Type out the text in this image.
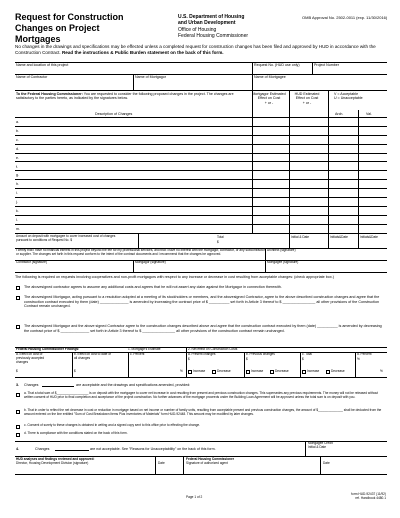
Request for Construction Changes on Project Mortgages
U.S. Department of Housing
and Urban Development
Office of Housing
Federal Housing Commissioner
OMB Approval No. 2502-0011 (exp. 11/30/2016)
No changes in the drawings and specifications may be effected unless a completed request for construction changes has been filed and approved by HUD in accordance with the Construction Contract. Read the instructions & Public Burden statement on the back of this form.
Name and location of this project	Request No. (HUD use only)	Project Number
Name of Contractor	Name of Mortgagor	Name of Mortgagee
To the Federal Housing Commissioner: You are requested to consider the following proposed changes in the project. The changes are satisfactory to the parties hereto, as indicated by the signatures below.
Mortgagor Estimated Effect on Cost
+ or -
HUD Estimated Effect on Cost
+ or -
V = Acceptable
U = Unacceptable
Description of Changes	Arch.	Val.
a.
b.
c.
d.
e.
f.
g.
h.
i.
j.
k.
l.
m.
Amount on deposit with mortgagee to cover increased cost of changes pursuant to conditions of Request No. $
Total
$
Initial & Date	Initials&Date	Initials&Date
I certify that I have no financial interest in this project beyond the fee for my professional services, and that I have no interest with the mortgagor, contractor, or any subcontractor or supplier. The changes set forth in this request conform to the intent of the contract documents and I recommend that the changes be approved.
Architect (signature)
Contractor (signature)	Mortgagor (signature)	Mortgagee (signature)
The following is required on requests involving cooperatives and non-profit mortgagors with respect to any increase or decrease in cost resulting from acceptable changes: (check appropriate box.)
The abovesigned contractor agrees to assume any additional costs and agrees that he will not assert any claim against the Mortgagor in connection therewith.
The abovesigned Mortgagor, acting pursuant to a resolution adopted at a meeting of its stockholders or members, and the abovesigned Contractor, agree to the above described construction changes and agree that the construction contract executed by them (date) ______________ is amended by increasing the contract price of $ __________ set forth in Article 3 thereof to $ ________________ all other provisions of the Construction Contract remain unchanged.
The abovesigned Mortgagor and the above signed Contractor agree to the construction changes described above and agree that the construction contract executed by them (date) __________ is amended by decreasing the contract price of $ ______________ set forth in Article 3 thereof to $ ________________ all other provisions of the construction contract remain unchanged.
Federal Housing Commissioner Findings:	1. Mortgage's Estimate	2. Net effect on Construction Costs
a. Effect on cost of previously accepted changes
$
b. Effect on cost to date of all changes
$
c. Percent
%
a. Present changes
$
b. Previous changes
$
c. Total
$
d. Percent
%
Increase	Decrease	Increase	Decrease	Increase	Decrease	%
3. Changes	are acceptable and the drawings and specifications amended, provided:
a. That a total sum of $__________________ is on deposit with the mortgagee to cover net increase in cost resulting from present and previous construction changes. This supersedes any previous requirements. The money will not be released without written consent of HUD prior to final completion and acceptance of the project construction. No further advances of the mortgage proceeds under the Building Loan Agreement will be approved unless the total sum is on deposit with you.
b. That in order to reflect the net decrease in cost or reduction in mortgage based on net income or number of family units, resulting from acceptable present and previous construction changes, the amount of $______________ shall be deducted from the amount entered on the line entitled "Sum of Cost Breakdown Items Plus Inventories of Materials" form HUD-92448. This amount may be modified by later changes.
c. Consent of surety to these changes is obtained in writing and a signed copy sent to this office prior to effecting the change.
d. There is compliance with the conditions stated on the back of this form.
4.	Changes	are not acceptable. See "Reasons for Unacceptability" on the back of this form.
Mortgagee Credit
Initial & Date
HUD analyses and findings reviewed and approved:
Director, Housing Development Division (signature)	Date
Federal Housing Commissioner
Signature of authorized agent	Date
Page 1 of 2
form HUD-92437 (11/92)
ref. Handbook 4480.1
